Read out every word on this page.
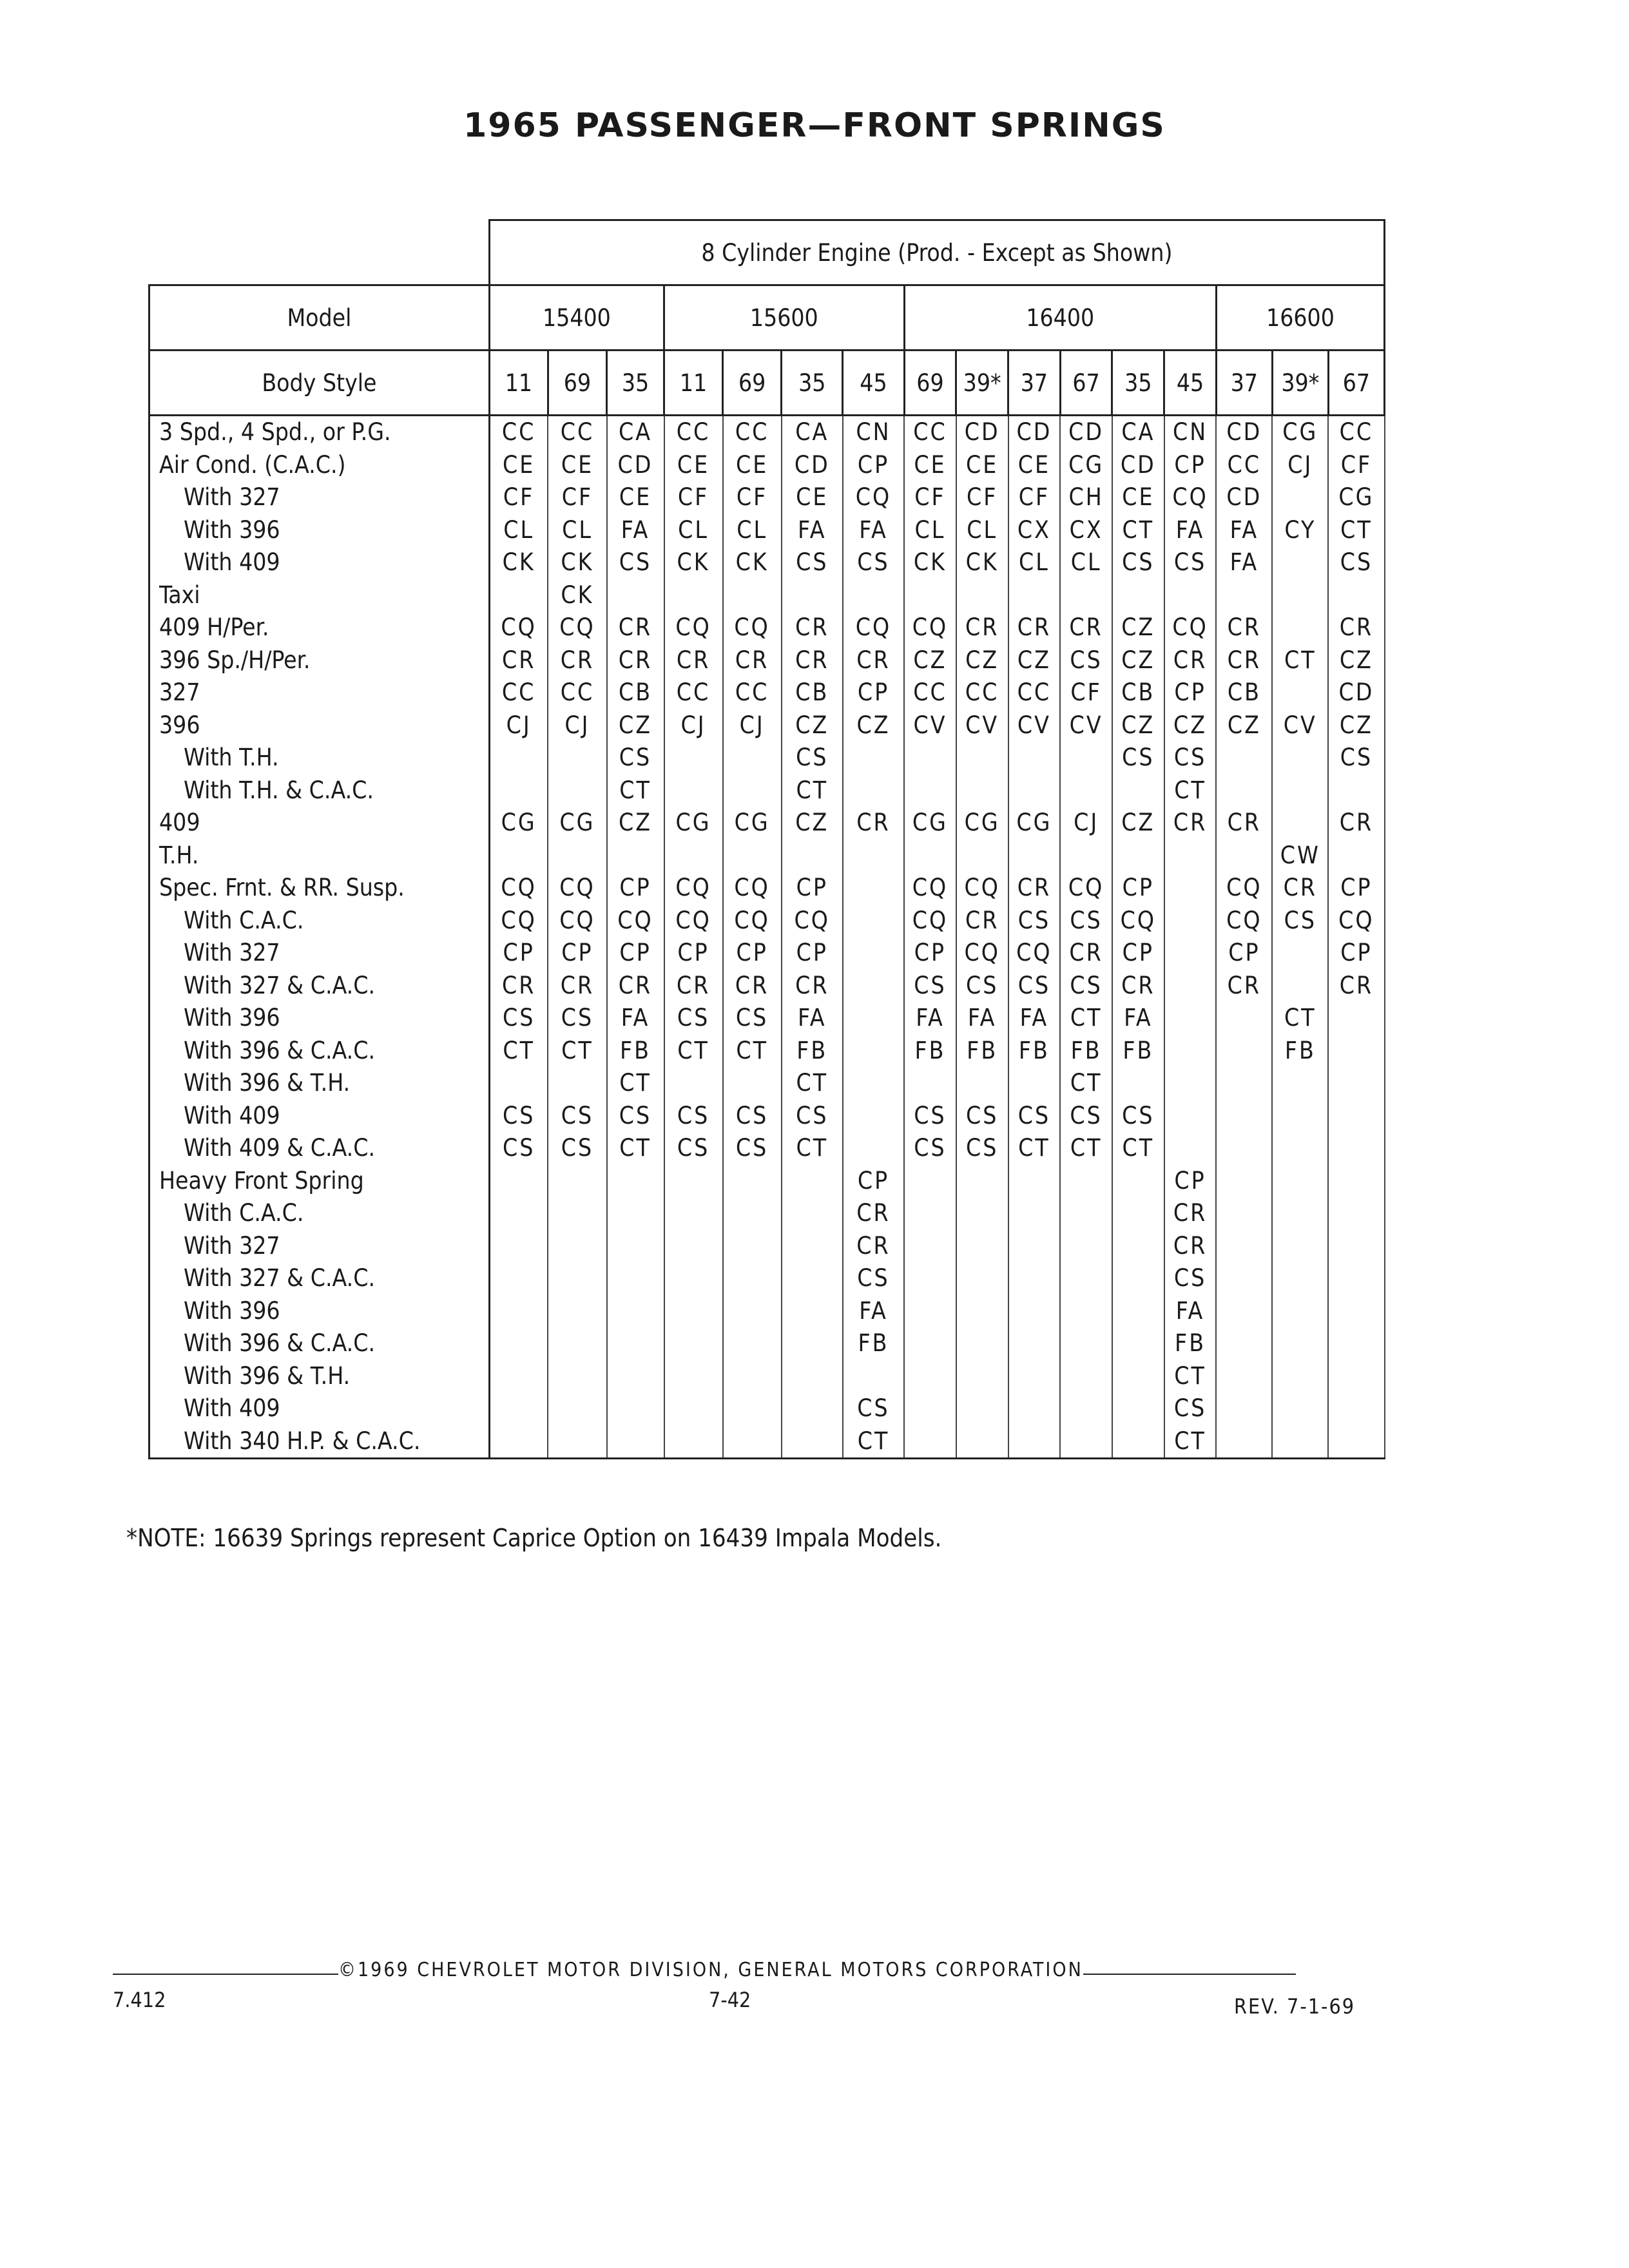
1965 PASSENGER—FRONT SPRINGS
	8 Cylinder Engine (Prod. - Except as Shown)															
Model	15400			15600				16400						16600		
Body Style	11	69	35	11	69	35	45	69	39*	37	67	35	45	37	39*	67
3 Spd., 4 Spd., or P.G.	CC	CC	CA	CC	CC	CA	CN	CC	CD	CD	CD	CA	CN	CD	CG	CC
Air Cond. (C.A.C.)	CE	CE	CD	CE	CE	CD	CP	CE	CE	CE	CG	CD	CP	CC	CJ	CF
With 327	CF	CF	CE	CF	CF	CE	CQ	CF	CF	CF	CH	CE	CQ	CD		CG
With 396	CL	CL	FA	CL	CL	FA	FA	CL	CL	CX	CX	CT	FA	FA	CY	CT
With 409	CK	CK	CS	CK	CK	CS	CS	CK	CK	CL	CL	CS	CS	FA		CS
Taxi		CK														
409 H/Per.	CQ	CQ	CR	CQ	CQ	CR	CQ	CQ	CR	CR	CR	CZ	CQ	CR		CR
396 Sp./H/Per.	CR	CR	CR	CR	CR	CR	CR	CZ	CZ	CZ	CS	CZ	CR	CR	CT	CZ
327	CC	CC	CB	CC	CC	CB	CP	CC	CC	CC	CF	CB	CP	CB		CD
396	CJ	CJ	CZ	CJ	CJ	CZ	CZ	CV	CV	CV	CV	CZ	CZ	CZ	CV	CZ
With T.H.			CS			CS						CS	CS			CS
With T.H. & C.A.C.			CT			CT							CT			
409	CG	CG	CZ	CG	CG	CZ	CR	CG	CG	CG	CJ	CZ	CR	CR		CR
T.H.															CW	
Spec. Frnt. & RR. Susp.	CQ	CQ	CP	CQ	CQ	CP		CQ	CQ	CR	CQ	CP		CQ	CR	CP
With C.A.C.	CQ	CQ	CQ	CQ	CQ	CQ		CQ	CR	CS	CS	CQ		CQ	CS	CQ
With 327	CP	CP	CP	CP	CP	CP		CP	CQ	CQ	CR	CP		CP		CP
With 327 & C.A.C.	CR	CR	CR	CR	CR	CR		CS	CS	CS	CS	CR		CR		CR
With 396	CS	CS	FA	CS	CS	FA		FA	FA	FA	CT	FA			CT	
With 396 & C.A.C.	CT	CT	FB	CT	CT	FB		FB	FB	FB	FB	FB			FB	
With 396 & T.H.			CT			CT					CT					
With 409	CS	CS	CS	CS	CS	CS		CS	CS	CS	CS	CS				
With 409 & C.A.C.	CS	CS	CT	CS	CS	CT		CS	CS	CT	CT	CT				
Heavy Front Spring							CP						CP			
With C.A.C.							CR						CR			
With 327							CR						CR			
With 327 & C.A.C.							CS						CS			
With 396							FA						FA			
With 396 & C.A.C.							FB						FB			
With 396 & T.H.													CT			
With 409							CS						CS			
With 340 H.P. & C.A.C.							CT						CT			
*NOTE: 16639 Springs represent Caprice Option on 16439 Impala Models.
©1969 CHEVROLET MOTOR DIVISION, GENERAL MOTORS CORPORATION
7.412	7-42	REV. 7-1-69
